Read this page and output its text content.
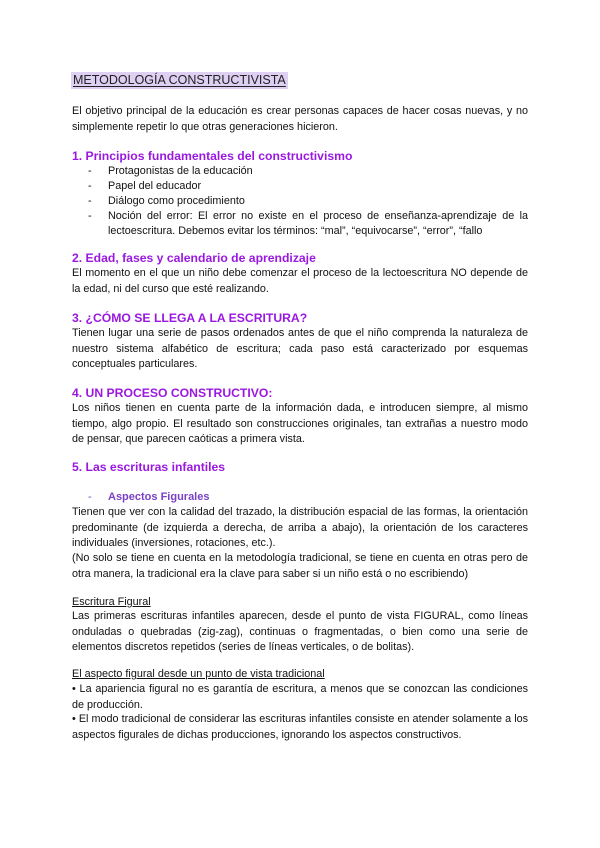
METODOLOGÍA CONSTRUCTIVISTA
El objetivo principal de la educación es crear personas capaces de hacer cosas nuevas, y no simplemente repetir lo que otras generaciones hicieron.
1. Principios fundamentales del constructivismo
- Protagonistas de la educación
- Papel del educador
- Diálogo como procedimiento
- Noción del error: El error no existe en el proceso de enseñanza-aprendizaje de la lectoescritura. Debemos evitar los términos: “mal”, “equivocarse”, “error”, “fallo
2. Edad, fases y calendario de aprendizaje
El momento en el que un niño debe comenzar el proceso de la lectoescritura NO depende de la edad, ni del curso que esté realizando.
3. ¿CÓMO SE LLEGA A LA ESCRITURA?
Tienen lugar una serie de pasos ordenados antes de que el niño comprenda la naturaleza de nuestro sistema alfabético de escritura; cada paso está caracterizado por esquemas conceptuales particulares.
4. UN PROCESO CONSTRUCTIVO:
Los niños tienen en cuenta parte de la información dada, e introducen siempre, al mismo tiempo, algo propio. El resultado son construcciones originales, tan extrañas a nuestro modo de pensar, que parecen caóticas a primera vista.
5. Las escrituras infantiles
- Aspectos Figurales
Tienen que ver con la calidad del trazado, la distribución espacial de las formas, la orientación predominante (de izquierda a derecha, de arriba a abajo), la orientación de los caracteres individuales (inversiones, rotaciones, etc.).
(No solo se tiene en cuenta en la metodología tradicional, se tiene en cuenta en otras pero de otra manera, la tradicional era la clave para saber si un niño está o no escribiendo)
Escritura Figural
Las primeras escrituras infantiles aparecen, desde el punto de vista FIGURAL, como líneas onduladas o quebradas (zig-zag), continuas o fragmentadas, o bien como una serie de elementos discretos repetidos (series de líneas verticales, o de bolitas).
El aspecto figural desde un punto de vista tradicional
• La apariencia figural no es garantía de escritura, a menos que se conozcan las condiciones de producción.
• El modo tradicional de considerar las escrituras infantiles consiste en atender solamente a los aspectos figurales de dichas producciones, ignorando los aspectos constructivos.
